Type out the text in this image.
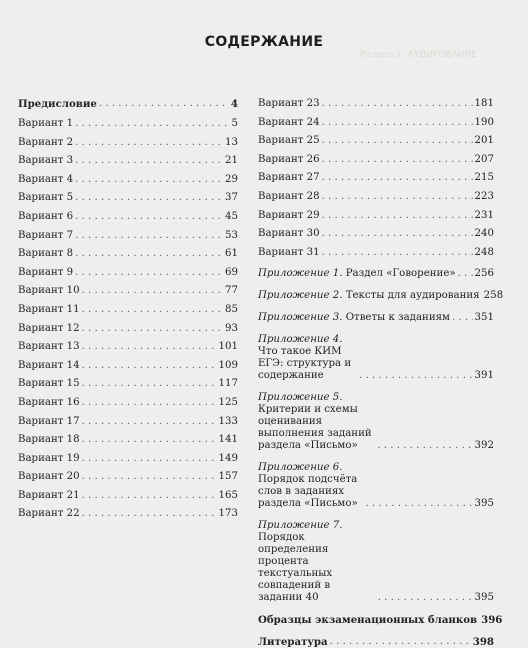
СОДЕРЖАНИЕ
Раздел 1. АУДИРОВАНИЕ
Предисловие . . .	4
Вариант 1 . . .	5
Вариант 2 . . .	13
Вариант 3 . . .	21
Вариант 4 . . .	29
Вариант 5 . . .	37
Вариант 6 . . .	45
Вариант 7 . . .	53
Вариант 8 . . .	61
Вариант 9 . . .	69
Вариант 10 . . .	77
Вариант 11 . . .	85
Вариант 12 . . .	93
Вариант 13 . . .	101
Вариант 14 . . .	109
Вариант 15 . . .	117
Вариант 16 . . .	125
Вариант 17 . . .	133
Вариант 18 . . .	141
Вариант 19 . . .	149
Вариант 20 . . .	157
Вариант 21 . . .	165
Вариант 22 . . .	173
Вариант 23 . . .	181
Вариант 24 . . .	190
Вариант 25 . . .	201
Вариант 26 . . .	207
Вариант 27 . . .	215
Вариант 28 . . .	223
Вариант 29 . . .	231
Вариант 30 . . .	240
Вариант 31 . . .	248
Приложение 1. Раздел «Говорение» . . . 256
Приложение 2. Тексты для аудирования 258
Приложение 3. Ответы к заданиям . . . 351
Приложение 4. Что такое КИМ ЕГЭ: структура и содержание . . .	391
Приложение 5. Критерии и схемы оценивания выполнения заданий раздела «Письмо» . . .	392
Приложение 6. Порядок подсчёта слов в заданиях раздела «Письмо» . . .	395
Приложение 7. Порядок определения процента текстуальных совпадений в задании 40 . . .	395
Образцы экзаменационных бланков 396
Литература . . .	398
